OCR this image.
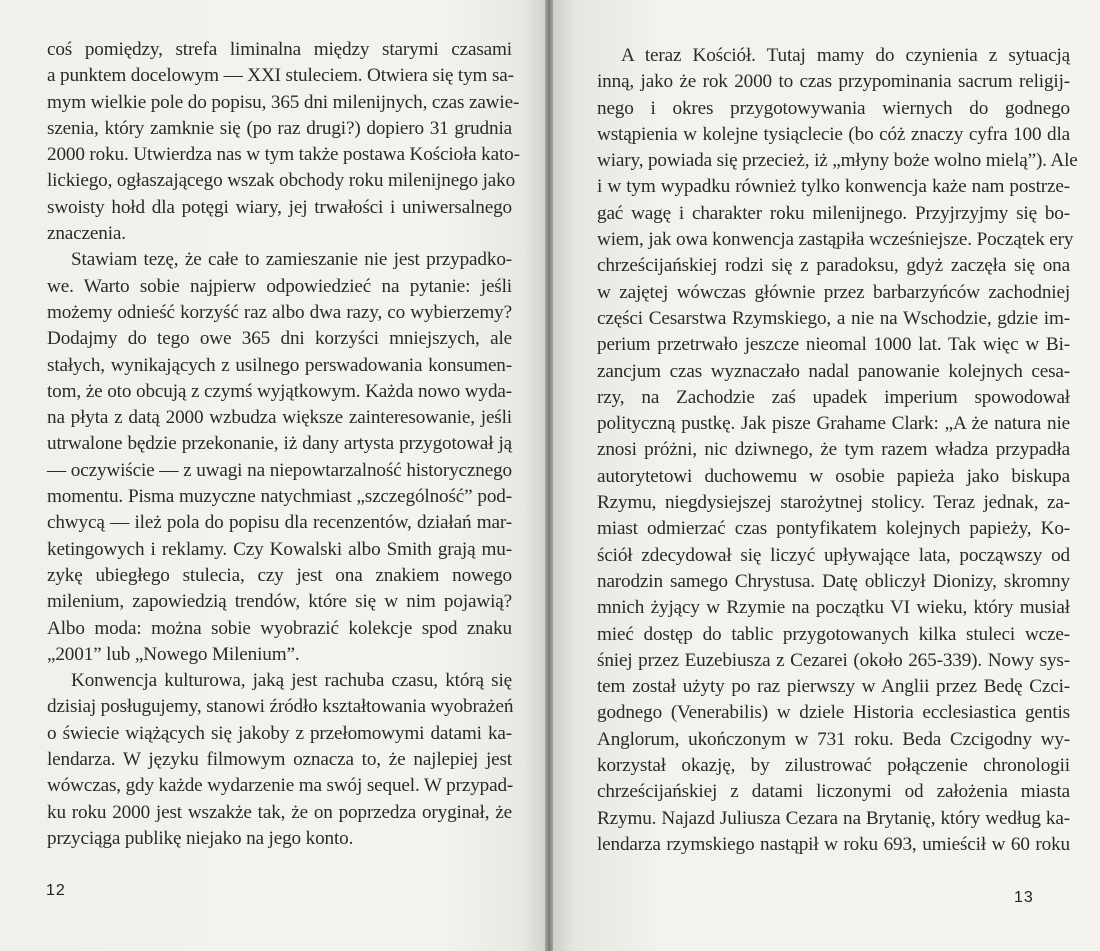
coś pomiędzy, strefa liminalna między starymi czasami
a punktem docelowym — XXI stuleciem. Otwiera się tym sa-
mym wielkie pole do popisu, 365 dni milenijnych, czas zawie-
szenia, który zamknie się (po raz drugi?) dopiero 31 grudnia
2000 roku. Utwierdza nas w tym także postawa Kościoła kato-
lickiego, ogłaszającego wszak obchody roku milenijnego jako
swoisty hołd dla potęgi wiary, jej trwałości i uniwersalnego
znaczenia.
Stawiam tezę, że całe to zamieszanie nie jest przypadko-
we. Warto sobie najpierw odpowiedzieć na pytanie: jeśli
możemy odnieść korzyść raz albo dwa razy, co wybierzemy?
Dodajmy do tego owe 365 dni korzyści mniejszych, ale
stałych, wynikających z usilnego perswadowania konsumen-
tom, że oto obcują z czymś wyjątkowym. Każda nowo wyda-
na płyta z datą 2000 wzbudza większe zainteresowanie, jeśli
utrwalone będzie przekonanie, iż dany artysta przygotował ją
— oczywiście — z uwagi na niepowtarzalność historycznego
momentu. Pisma muzyczne natychmiast „szczególność” pod-
chwycą — ileż pola do popisu dla recenzentów, działań mar-
ketingowych i reklamy. Czy Kowalski albo Smith grają mu-
zykę ubiegłego stulecia, czy jest ona znakiem nowego
milenium, zapowiedzią trendów, które się w nim pojawią?
Albo moda: można sobie wyobrazić kolekcje spod znaku
„2001” lub „Nowego Milenium”.
Konwencja kulturowa, jaką jest rachuba czasu, którą się
dzisiaj posługujemy, stanowi źródło kształtowania wyobrażeń
o świecie wiążących się jakoby z przełomowymi datami ka-
lendarza. W języku filmowym oznacza to, że najlepiej jest
wówczas, gdy każde wydarzenie ma swój sequel. W przypad-
ku roku 2000 jest wszakże tak, że on poprzedza oryginał, że
przyciąga publikę niejako na jego konto.
12
A teraz Kościół. Tutaj mamy do czynienia z sytuacją
inną, jako że rok 2000 to czas przypominania sacrum religij-
nego i okres przygotowywania wiernych do godnego
wstąpienia w kolejne tysiąclecie (bo cóż znaczy cyfra 100 dla
wiary, powiada się przecież, iż „młyny boże wolno mielą”). Ale
i w tym wypadku również tylko konwencja każe nam postrze-
gać wagę i charakter roku milenijnego. Przyjrzyjmy się bo-
wiem, jak owa konwencja zastąpiła wcześniejsze. Początek ery
chrześcijańskiej rodzi się z paradoksu, gdyż zaczęła się ona
w zajętej wówczas głównie przez barbarzyńców zachodniej
części Cesarstwa Rzymskiego, a nie na Wschodzie, gdzie im-
perium przetrwało jeszcze nieomal 1000 lat. Tak więc w Bi-
zancjum czas wyznaczało nadal panowanie kolejnych cesa-
rzy, na Zachodzie zaś upadek imperium spowodował
polityczną pustkę. Jak pisze Grahame Clark: „A że natura nie
znosi próżni, nic dziwnego, że tym razem władza przypadła
autorytetowi duchowemu w osobie papieża jako biskupa
Rzymu, niegdysiejszej starożytnej stolicy. Teraz jednak, za-
miast odmierzać czas pontyfikatem kolejnych papieży, Ko-
ściół zdecydował się liczyć upływające lata, począwszy od
narodzin samego Chrystusa. Datę obliczył Dionizy, skromny
mnich żyjący w Rzymie na początku VI wieku, który musiał
mieć dostęp do tablic przygotowanych kilka stuleci wcze-
śniej przez Euzebiusza z Cezarei (około 265-339). Nowy sys-
tem został użyty po raz pierwszy w Anglii przez Bedę Czci-
godnego (Venerabilis) w dziele Historia ecclesiastica gentis
Anglorum, ukończonym w 731 roku. Beda Czcigodny wy-
korzystał okazję, by zilustrować połączenie chronologii
chrześcijańskiej z datami liczonymi od założenia miasta
Rzymu. Najazd Juliusza Cezara na Brytanię, który według ka-
lendarza rzymskiego nastąpił w roku 693, umieścił w 60 roku
13
